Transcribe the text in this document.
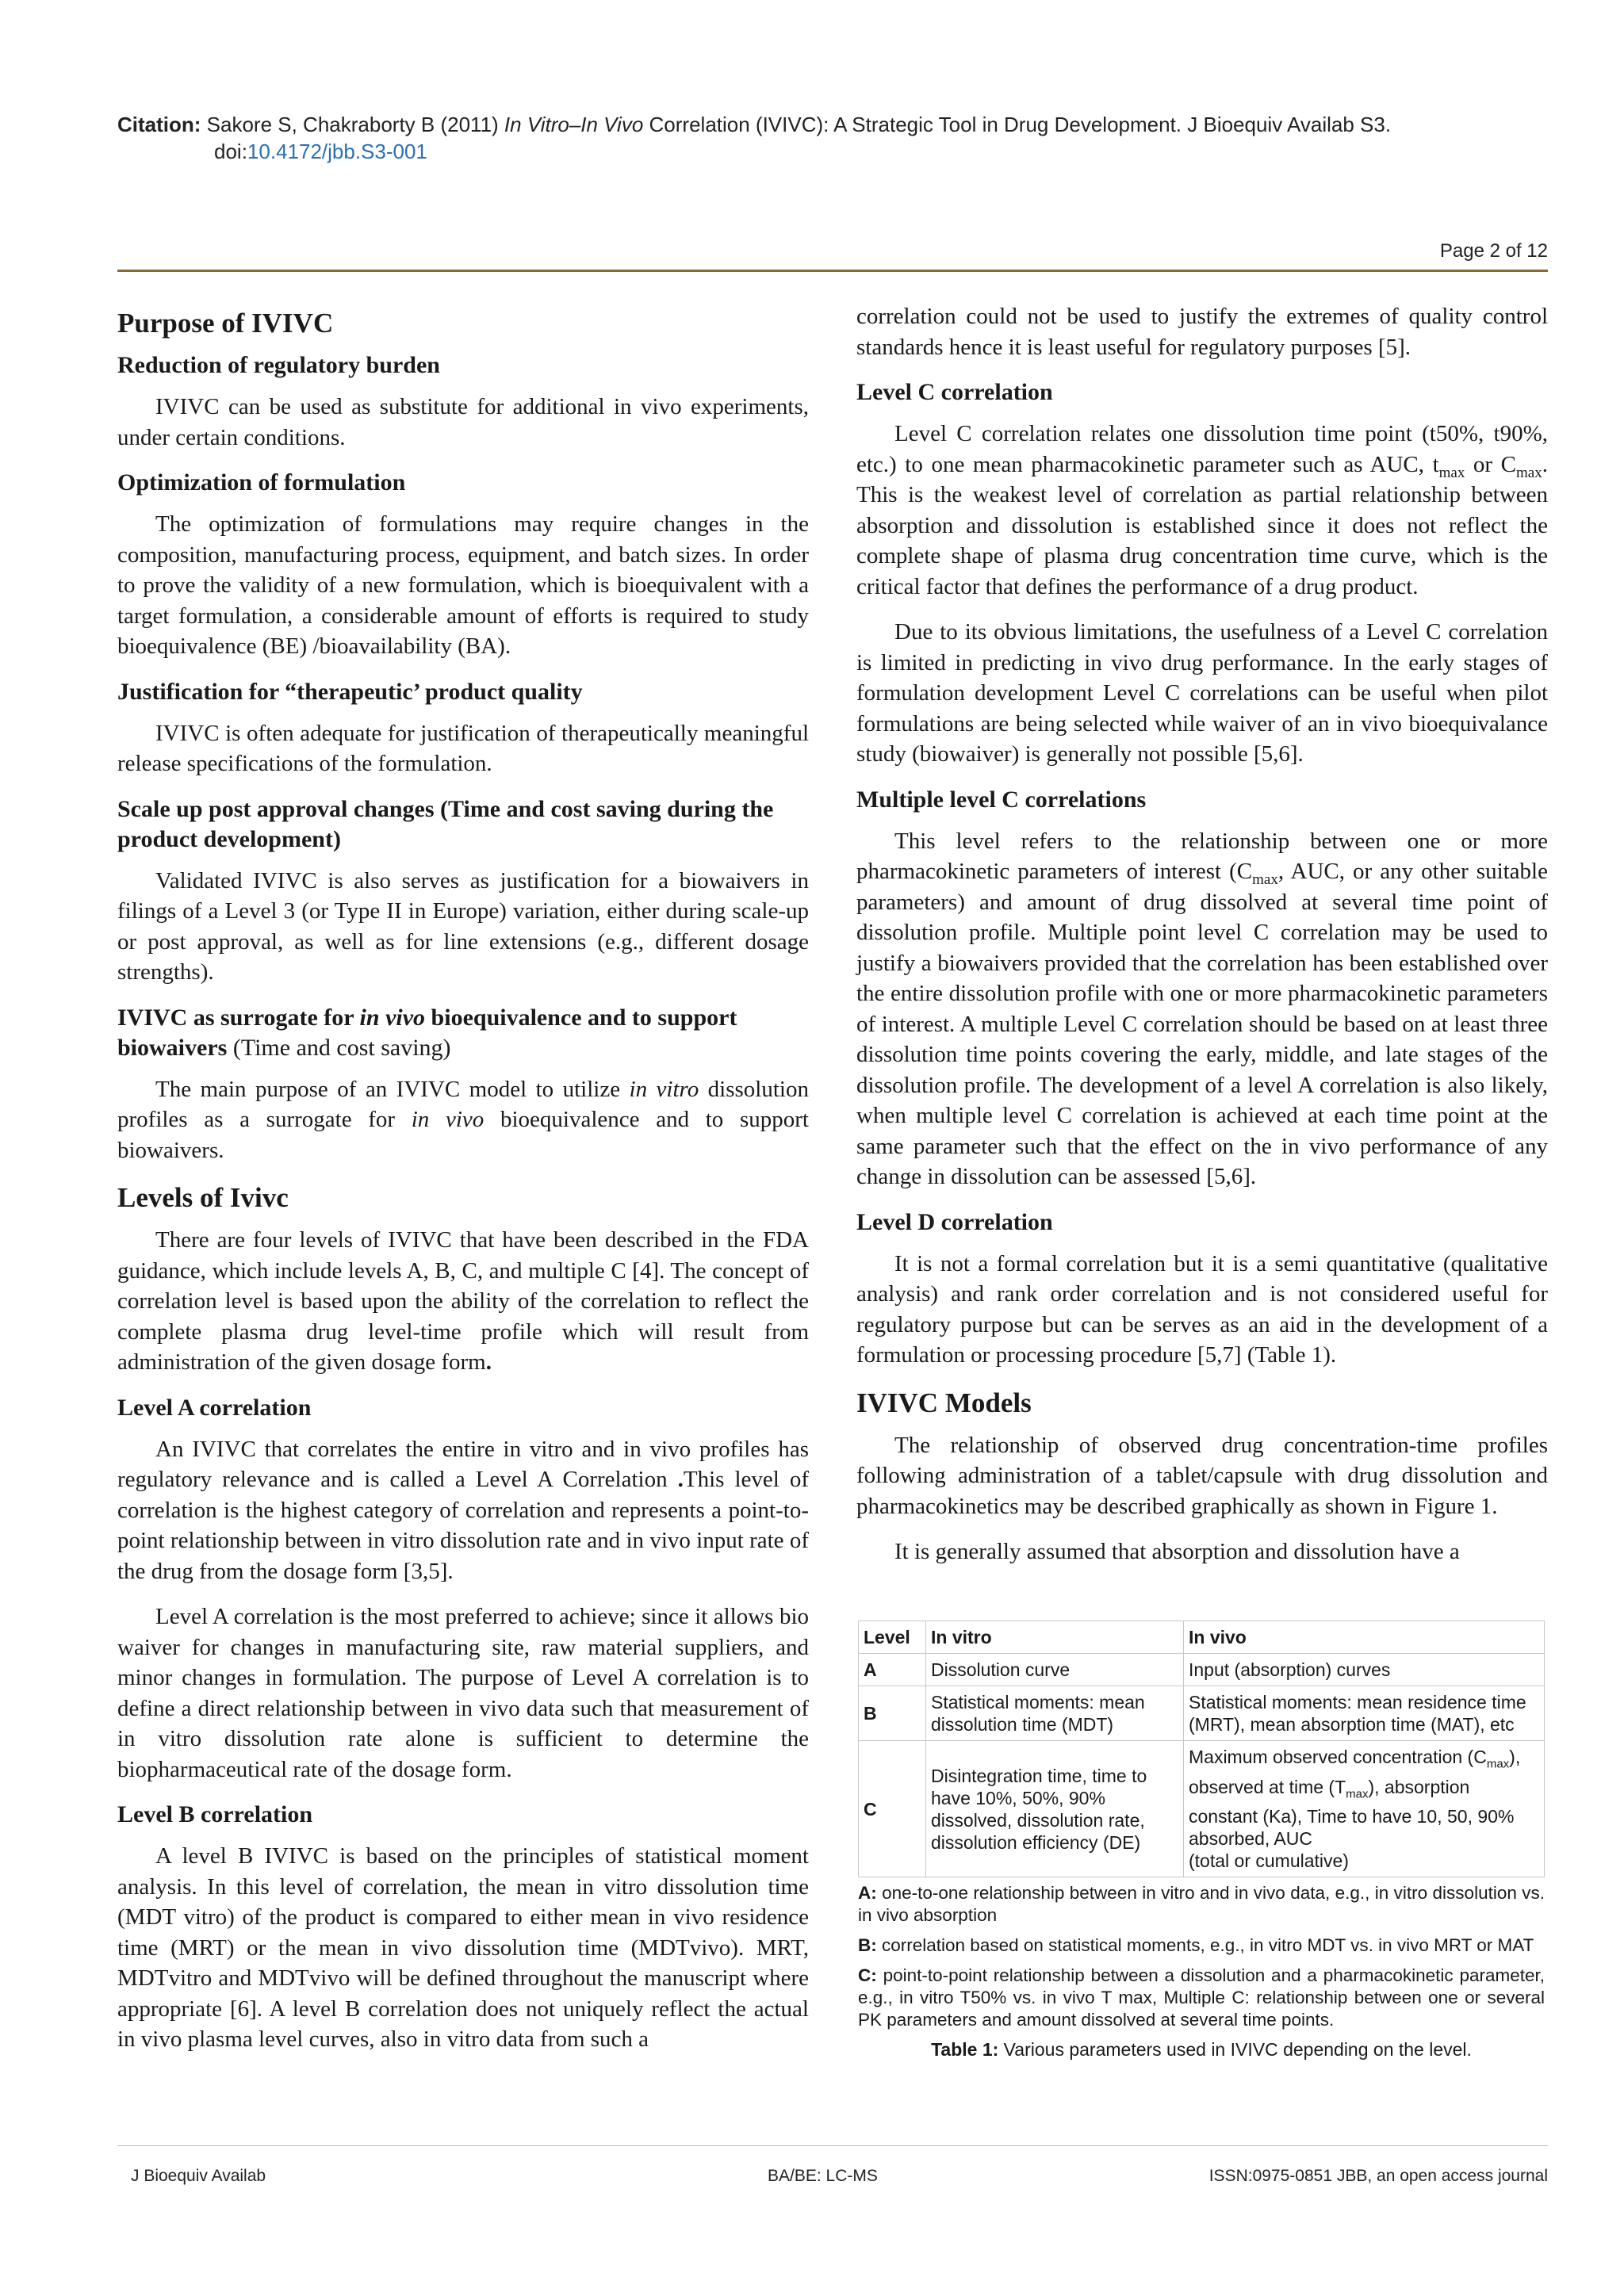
Citation: Sakore S, Chakraborty B (2011) In Vitro–In Vivo Correlation (IVIVC): A Strategic Tool in Drug Development. J Bioequiv Availab S3.
doi:10.4172/jbb.S3-001
Page 2 of 12
Purpose of IVIVC
Reduction of regulatory burden

IVIVC can be used as substitute for additional in vivo experiments, under certain conditions.

Optimization of formulation

The optimization of formulations may require changes in the composition, manufacturing process, equipment, and batch sizes. In order to prove the validity of a new formulation, which is bioequivalent with a target formulation, a considerable amount of efforts is required to study bioequivalence (BE) /bioavailability (BA).

Justification for “therapeutic’ product quality

IVIVC is often adequate for justification of therapeutically meaningful release specifications of the formulation.

Scale up post approval changes (Time and cost saving during the product development)

Validated IVIVC is also serves as justification for a biowaivers in filings of a Level 3 (or Type II in Europe) variation, either during scale-up or post approval, as well as for line extensions (e.g., different dosage strengths).

IVIVC as surrogate for in vivo bioequivalence and to support biowaivers (Time and cost saving)

The main purpose of an IVIVC model to utilize in vitro dissolution profiles as a surrogate for in vivo bioequivalence and to support biowaivers.

Levels of Ivivc

There are four levels of IVIVC that have been described in the FDA guidance, which include levels A, B, C, and multiple C [4]. The concept of correlation level is based upon the ability of the correlation to reflect the complete plasma drug level-time profile which will result from administration of the given dosage form.

Level A correlation

An IVIVC that correlates the entire in vitro and in vivo profiles has regulatory relevance and is called a Level A Correlation .This level of correlation is the highest category of correlation and represents a point-to-point relationship between in vitro dissolution rate and in vivo input rate of the drug from the dosage form [3,5].

Level A correlation is the most preferred to achieve; since it allows bio waiver for changes in manufacturing site, raw material suppliers, and minor changes in formulation. The purpose of Level A correlation is to define a direct relationship between in vivo data such that measurement of in vitro dissolution rate alone is sufficient to determine the biopharmaceutical rate of the dosage form.

Level B correlation

A level B IVIVC is based on the principles of statistical moment analysis. In this level of correlation, the mean in vitro dissolution time (MDT vitro) of the product is compared to either mean in vivo residence time (MRT) or the mean in vivo dissolution time (MDTvivo). MRT, MDTvitro and MDTvivo will be defined throughout the manuscript where appropriate [6]. A level B correlation does not uniquely reflect the actual in vivo plasma level curves, also in vitro data from such a

correlation could not be used to justify the extremes of quality control standards hence it is least useful for regulatory purposes [5].

Level C correlation

Level C correlation relates one dissolution time point (t50%, t90%, etc.) to one mean pharmacokinetic parameter such as AUC, $t_{max}$ or $C_{max}$. This is the weakest level of correlation as partial relationship between absorption and dissolution is established since it does not reflect the complete shape of plasma drug concentration time curve, which is the critical factor that defines the performance of a drug product.

Due to its obvious limitations, the usefulness of a Level C correlation is limited in predicting in vivo drug performance. In the early stages of formulation development Level C correlations can be useful when pilot formulations are being selected while waiver of an in vivo bioequivalance study (biowaiver) is generally not possible [5,6].

Multiple level C correlations

This level refers to the relationship between one or more pharmacokinetic parameters of interest ($C_{max}$, AUC, or any other suitable parameters) and amount of drug dissolved at several time point of dissolution profile. Multiple point level C correlation may be used to justify a biowaivers provided that the correlation has been established over the entire dissolution profile with one or more pharmacokinetic parameters of interest. A multiple Level C correlation should be based on at least three dissolution time points covering the early, middle, and late stages of the dissolution profile. The development of a level A correlation is also likely, when multiple level C correlation is achieved at each time point at the same parameter such that the effect on the in vivo performance of any change in dissolution can be assessed [5,6].

Level D correlation

It is not a formal correlation but it is a semi quantitative (qualitative analysis) and rank order correlation and is not considered useful for regulatory purpose but can be serves as an aid in the development of a formulation or processing procedure [5,7] (Table 1).

IVIVC Models

The relationship of observed drug concentration-time profiles following administration of a tablet/capsule with drug dissolution and pharmacokinetics may be described graphically as shown in Figure 1.

It is generally assumed that absorption and dissolution have a

Level	In vitro	In vivo
A	Dissolution curve	Input (absorption) curves
B	Statistical moments: mean dissolution time (MDT)	Statistical moments: mean residence time (MRT), mean absorption time (MAT), etc
C	Disintegration time, time to have 10%, 50%, 90% dissolved, dissolution rate, dissolution efficiency (DE)	Maximum observed concentration $(C_{max})$, observed at time $(T_{max})$, absorption constant (Ka), Time to have 10, 50, 90% absorbed, AUC
(total or cumulative)

A: one-to-one relationship between in vitro and in vivo data, e.g., in vitro dissolution vs. in vivo absorption

B: correlation based on statistical moments, e.g., in vitro MDT vs. in vivo MRT or MAT

C: point-to-point relationship between a dissolution and a pharmacokinetic parameter, e.g., in vitro T50% vs. in vivo T max, Multiple C: relationship between one or several PK parameters and amount dissolved at several time points.

Table 1: Various parameters used in IVIVC depending on the level.
J Bioequiv Availab	BA/BE: LC-MS	ISSN:0975-0851 JBB, an open access journal
